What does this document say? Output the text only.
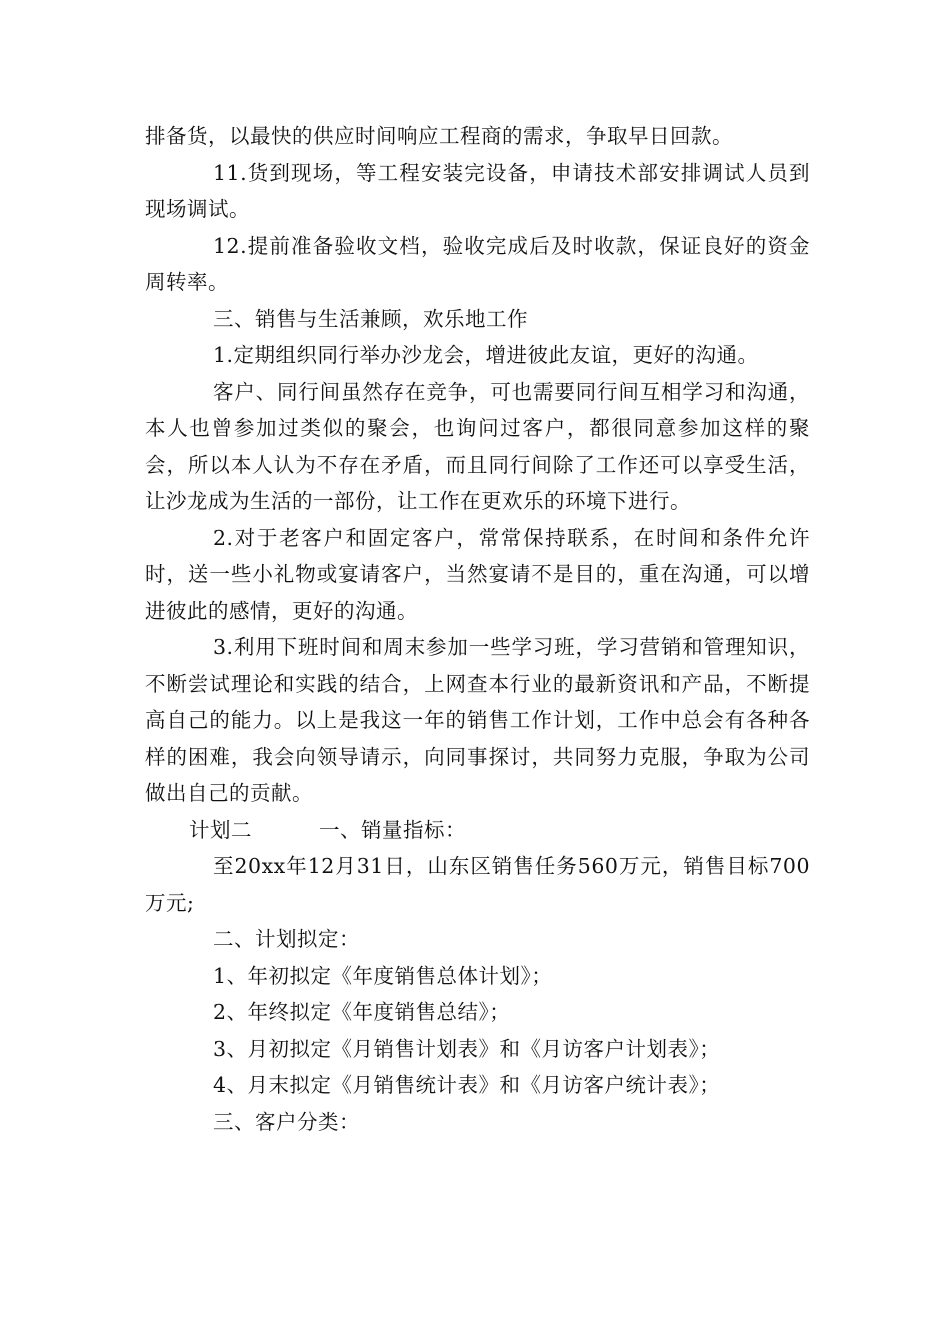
排备货，以最快的供应时间响应工程商的需求，争取早日回款。

11.货到现场，等工程安装完设备，申请技术部安排调试人员到现场调试。

12.提前准备验收文档，验收完成后及时收款，保证良好的资金周转率。

三、销售与生活兼顾，欢乐地工作

1.定期组织同行举办沙龙会，增进彼此友谊，更好的沟通。

客户、同行间虽然存在竞争，可也需要同行间互相学习和沟通，本人也曾参加过类似的聚会，也询问过客户，都很同意参加这样的聚会，所以本人认为不存在矛盾，而且同行间除了工作还可以享受生活，让沙龙成为生活的一部份，让工作在更欢乐的环境下进行。

2.对于老客户和固定客户，常常保持联系，在时间和条件允许时，送一些小礼物或宴请客户，当然宴请不是目的，重在沟通，可以增进彼此的感情，更好的沟通。

3.利用下班时间和周末参加一些学习班，学习营销和管理知识，不断尝试理论和实践的结合，上网查本行业的最新资讯和产品，不断提高自己的能力。以上是我这一年的销售工作计划，工作中总会有各种各样的困难，我会向领导请示，向同事探讨，共同努力克服，争取为公司做出自己的贡献。

计划二	一、销量指标：

至20xx年12月31日，山东区销售任务560万元，销售目标700万元;

二、计划拟定：

1、年初拟定《年度销售总体计划》；

2、年终拟定《年度销售总结》；

3、月初拟定《月销售计划表》和《月访客户计划表》；

4、月末拟定《月销售统计表》和《月访客户统计表》；

三、客户分类：
